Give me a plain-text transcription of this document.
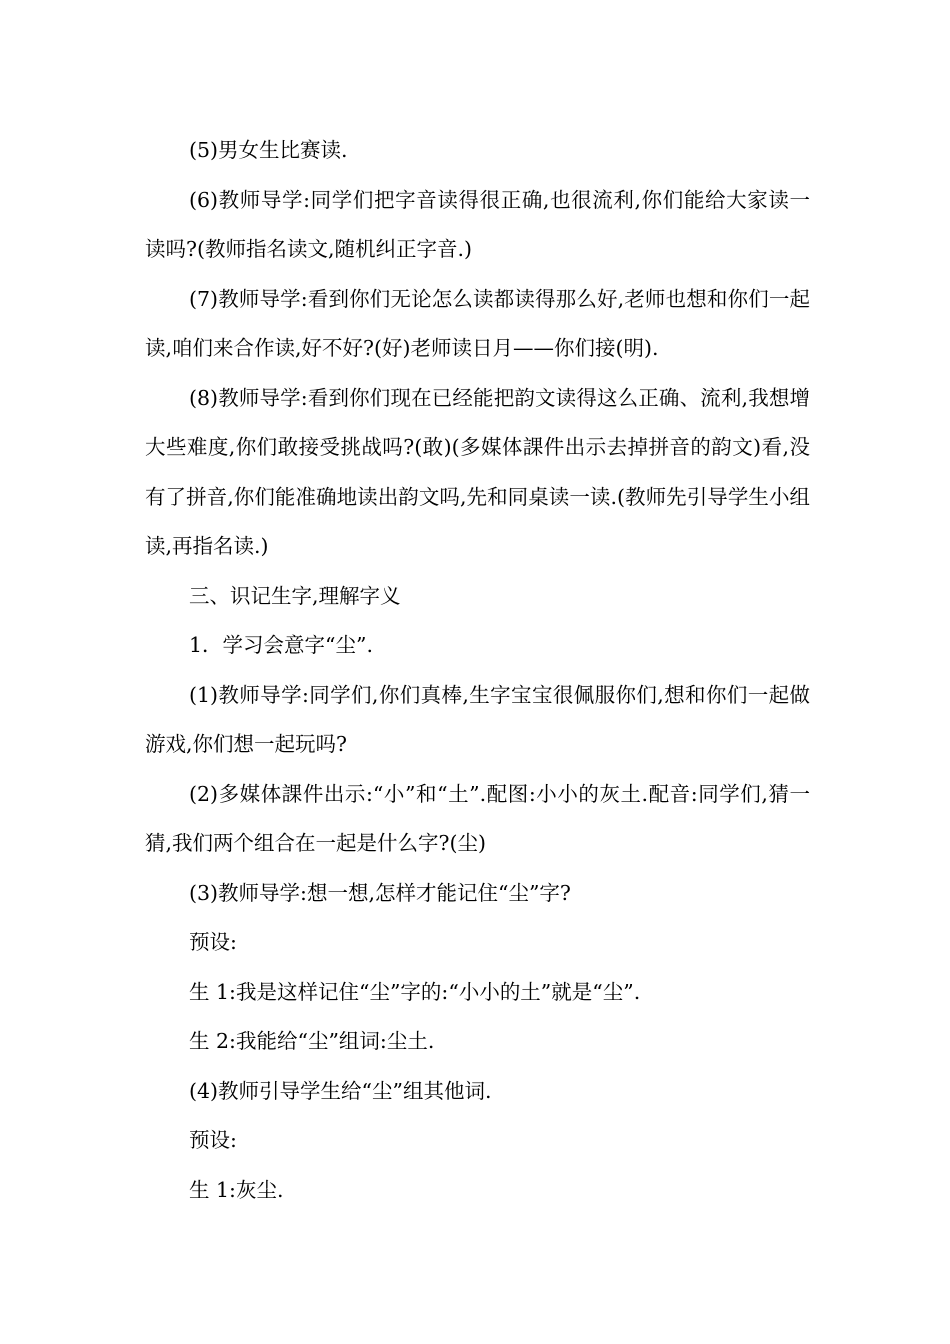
(5)男女生比赛读.

(6)教师导学:同学们把字音读得很正确,也很流利,你们能给大家读一读吗?(教师指名读文,随机纠正字音.)

(7)教师导学:看到你们无论怎么读都读得那么好,老师也想和你们一起读,咱们来合作读,好不好?(好)老师读日月——你们接(明).

(8)教师导学:看到你们现在已经能把韵文读得这么正确、流利,我想增大些难度,你们敢接受挑战吗?(敢)(多媒体課件出示去掉拼音的韵文)看,没有了拼音,你们能准确地读出韵文吗,先和同桌读一读.(教师先引导学生小组读,再指名读.)

三、识记生字,理解字义

1．学习会意字“尘”.

(1)教师导学:同学们,你们真棒,生字宝宝很佩服你们,想和你们一起做游戏,你们想一起玩吗?

(2)多媒体課件出示:“小”和“土”.配图:小小的灰土.配音:同学们,猜一猜,我们两个组合在一起是什么字?(尘)

(3)教师导学:想一想,怎样才能记住“尘”字?

预设:

生 1:我是这样记住“尘”字的:“小小的土”就是“尘”.

生 2:我能给“尘”组词:尘土.

(4)教师引导学生给“尘”组其他词.

预设:

生 1:灰尘.
